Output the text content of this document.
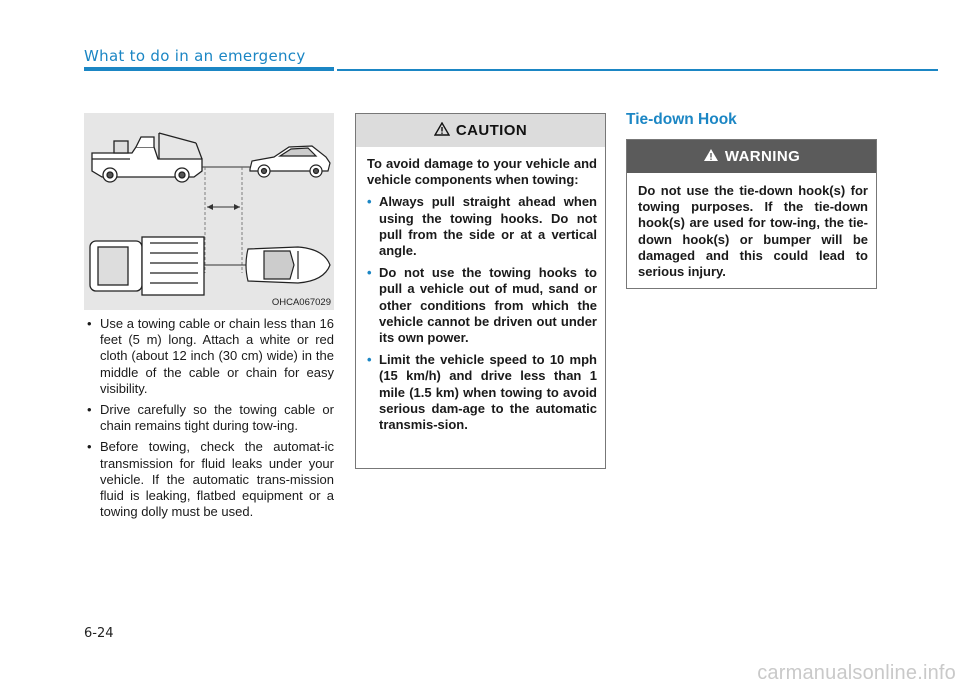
What to do in an emergency
OHCA067029
• Use a towing cable or chain less than 16 feet (5 m) long. Attach a white or red cloth (about 12 inch (30 cm) wide) in the middle of the cable or chain for easy visibility.
• Drive carefully so the towing cable or chain remains tight during tow-ing.
• Before towing, check the automat-ic transmission for fluid leaks under your vehicle. If the automatic trans-mission fluid is leaking, flatbed equipment or a towing dolly must be used.
CAUTION
To avoid damage to your vehicle and vehicle components when towing:
• Always pull straight ahead when using the towing hooks. Do not pull from the side or at a vertical angle.
• Do not use the towing hooks to pull a vehicle out of mud, sand or other conditions from which the vehicle cannot be driven out under its own power.
• Limit the vehicle speed to 10 mph (15 km/h) and drive less than 1 mile (1.5 km) when towing to avoid serious dam-age to the automatic transmis-sion.
Tie-down Hook
WARNING
Do not use the tie-down hook(s) for towing purposes. If the tie-down hook(s) are used for tow-ing, the tie-down hook(s) or bumper will be damaged and this could lead to serious injury.
6-24
carmanualsonline.info
